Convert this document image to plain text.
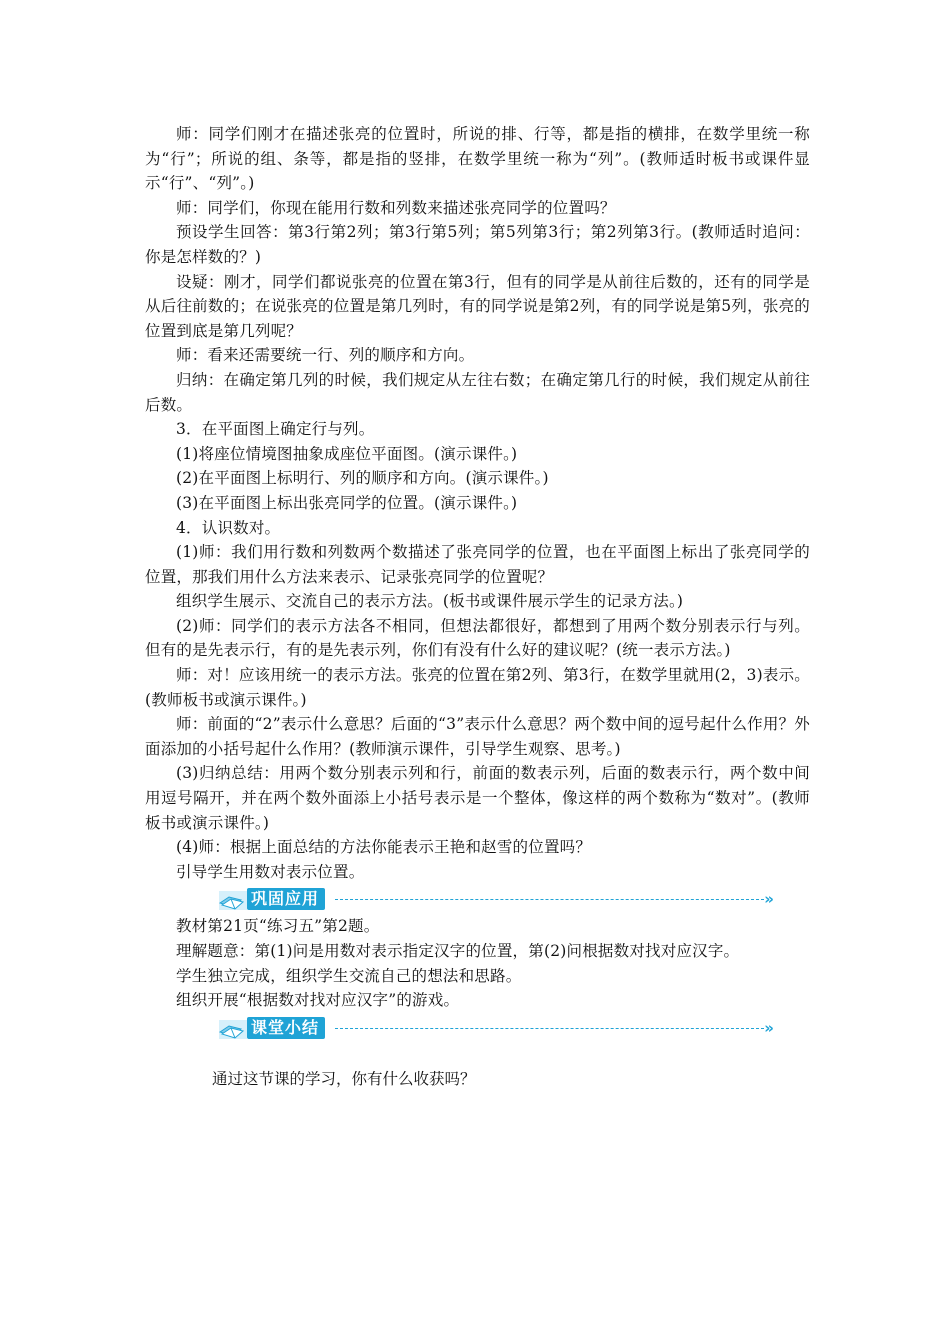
师：同学们刚才在描述张亮的位置时，所说的排、行等，都是指的横排，在数学里统一称为“行”；所说的组、条等，都是指的竖排，在数学里统一称为“列”。(教师适时板书或课件显示“行”、“列”。)

师：同学们，你现在能用行数和列数来描述张亮同学的位置吗？

预设学生回答：第3行第2列；第3行第5列；第5列第3行；第2列第3行。(教师适时追问：你是怎样数的？)

设疑：刚才，同学们都说张亮的位置在第3行，但有的同学是从前往后数的，还有的同学是从后往前数的；在说张亮的位置是第几列时，有的同学说是第2列，有的同学说是第5列，张亮的位置到底是第几列呢？

师：看来还需要统一行、列的顺序和方向。

归纳：在确定第几列的时候，我们规定从左往右数；在确定第几行的时候，我们规定从前往后数。

3．在平面图上确定行与列。

(1)将座位情境图抽象成座位平面图。(演示课件。)

(2)在平面图上标明行、列的顺序和方向。(演示课件。)

(3)在平面图上标出张亮同学的位置。(演示课件。)

4．认识数对。

(1)师：我们用行数和列数两个数描述了张亮同学的位置，也在平面图上标出了张亮同学的位置，那我们用什么方法来表示、记录张亮同学的位置呢？

组织学生展示、交流自己的表示方法。(板书或课件展示学生的记录方法。)

(2)师：同学们的表示方法各不相同，但想法都很好，都想到了用两个数分别表示行与列。但有的是先表示行，有的是先表示列，你们有没有什么好的建议呢？(统一表示方法。)

师：对！应该用统一的表示方法。张亮的位置在第2列、第3行，在数学里就用(2，3)表示。(教师板书或演示课件。)

师：前面的“2”表示什么意思？后面的“3”表示什么意思？两个数中间的逗号起什么作用？外面添加的小括号起什么作用？(教师演示课件，引导学生观察、思考。)

(3)归纳总结：用两个数分别表示列和行，前面的数表示列，后面的数表示行，两个数中间用逗号隔开，并在两个数外面添上小括号表示是一个整体，像这样的两个数称为“数对”。(教师板书或演示课件。)

(4)师：根据上面总结的方法你能表示王艳和赵雪的位置吗？

引导学生用数对表示位置。

巩固应用	»

教材第21页“练习五”第2题。

理解题意：第(1)问是用数对表示指定汉字的位置，第(2)问根据数对找对应汉字。

学生独立完成，组织学生交流自己的想法和思路。

组织开展“根据数对找对应汉字”的游戏。

课堂小结	»

通过这节课的学习，你有什么收获吗？
